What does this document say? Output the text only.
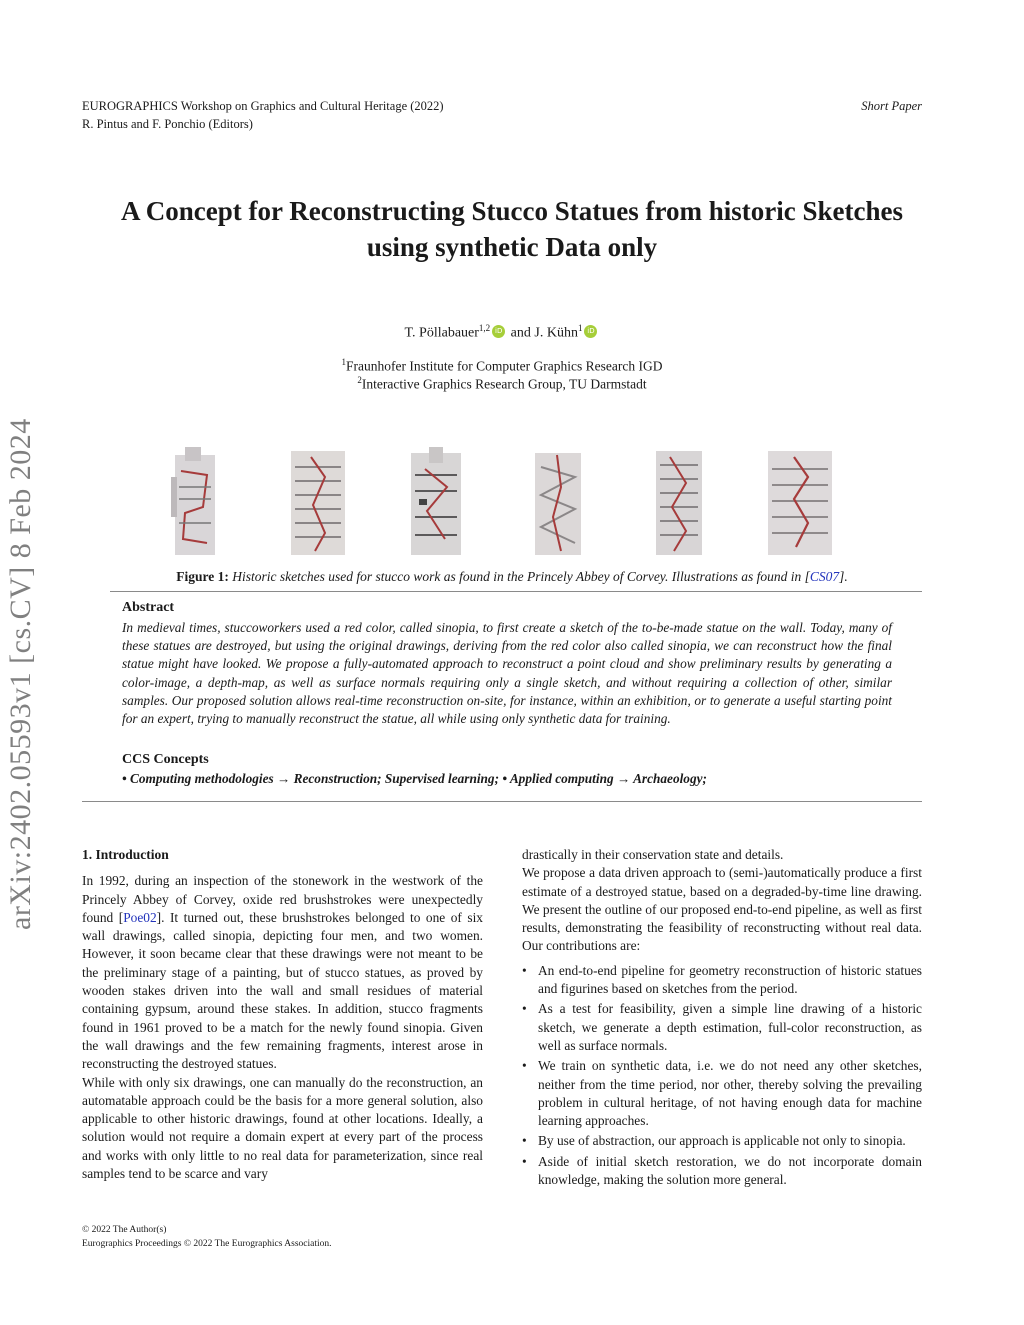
EUROGRAPHICS Workshop on Graphics and Cultural Heritage (2022)
R. Pintus and F. Ponchio (Editors)
Short Paper
arXiv:2402.05593v1 [cs.CV] 8 Feb 2024
A Concept for Reconstructing Stucco Statues from historic Sketches
using synthetic Data only
T. Pöllabauer$^{1,2}$ iD and J. Kühn$^1$ iD
$^1$Fraunhofer Institute for Computer Graphics Research IGD
$^2$Interactive Graphics Research Group, TU Darmstadt
Figure 1: Historic sketches used for stucco work as found in the Princely Abbey of Corvey. Illustrations as found in [CS07].
Abstract
In medieval times, stuccoworkers used a red color, called sinopia, to first create a sketch of the to-be-made statue on the wall. Today, many of these statues are destroyed, but using the original drawings, deriving from the red color also called sinopia, we can reconstruct how the final statue might have looked. We propose a fully-automated approach to reconstruct a point cloud and show preliminary results by generating a color-image, a depth-map, as well as surface normals requiring only a single sketch, and without requiring a collection of other, similar samples. Our proposed solution allows real-time reconstruction on-site, for instance, within an exhibition, or to generate a useful starting point for an expert, trying to manually reconstruct the statue, all while using only synthetic data for training.
CCS Concepts
• Computing methodologies → Reconstruction; Supervised learning; • Applied computing → Archaeology;
1. Introduction

In 1992, during an inspection of the stonework in the westwork of the Princely Abbey of Corvey, oxide red brushstrokes were unexpectedly found [Poe02]. It turned out, these brushstrokes belonged to one of six wall drawings, called sinopia, depicting four men, and two women. However, it soon became clear that these drawings were not meant to be the preliminary stage of a painting, but of stucco statues, as proved by wooden stakes driven into the wall and small residues of material containing gypsum, around these stakes. In addition, stucco fragments found in 1961 proved to be a match for the newly found sinopia. Given the wall drawings and the few remaining fragments, interest arose in reconstructing the destroyed statues.

While with only six drawings, one can manually do the reconstruction, an automatable approach could be the basis for a more general solution, also applicable to other historic drawings, found at other locations. Ideally, a solution would not require a domain expert at every part of the process and works with only little to no real data for parameterization, since real samples tend to be scarce and vary

drastically in their conservation state and details.

We propose a data driven approach to (semi-)automatically produce a first estimate of a destroyed statue, based on a degraded-by-time line drawing. We present the outline of our proposed end-to-end pipeline, as well as first results, demonstrating the feasibility of reconstructing without real data. Our contributions are:

• An end-to-end pipeline for geometry reconstruction of historic statues and figurines based on sketches from the period.
• As a test for feasibility, given a simple line drawing of a historic sketch, we generate a depth estimation, full-color reconstruction, as well as surface normals.
• We train on synthetic data, i.e. we do not need any other sketches, neither from the time period, nor other, thereby solving the prevailing problem in cultural heritage, of not having enough data for machine learning approaches.
• By use of abstraction, our approach is applicable not only to sinopia.
• Aside of initial sketch restoration, we do not incorporate domain knowledge, making the solution more general.
© 2022 The Author(s)
Eurographics Proceedings © 2022 The Eurographics Association.
